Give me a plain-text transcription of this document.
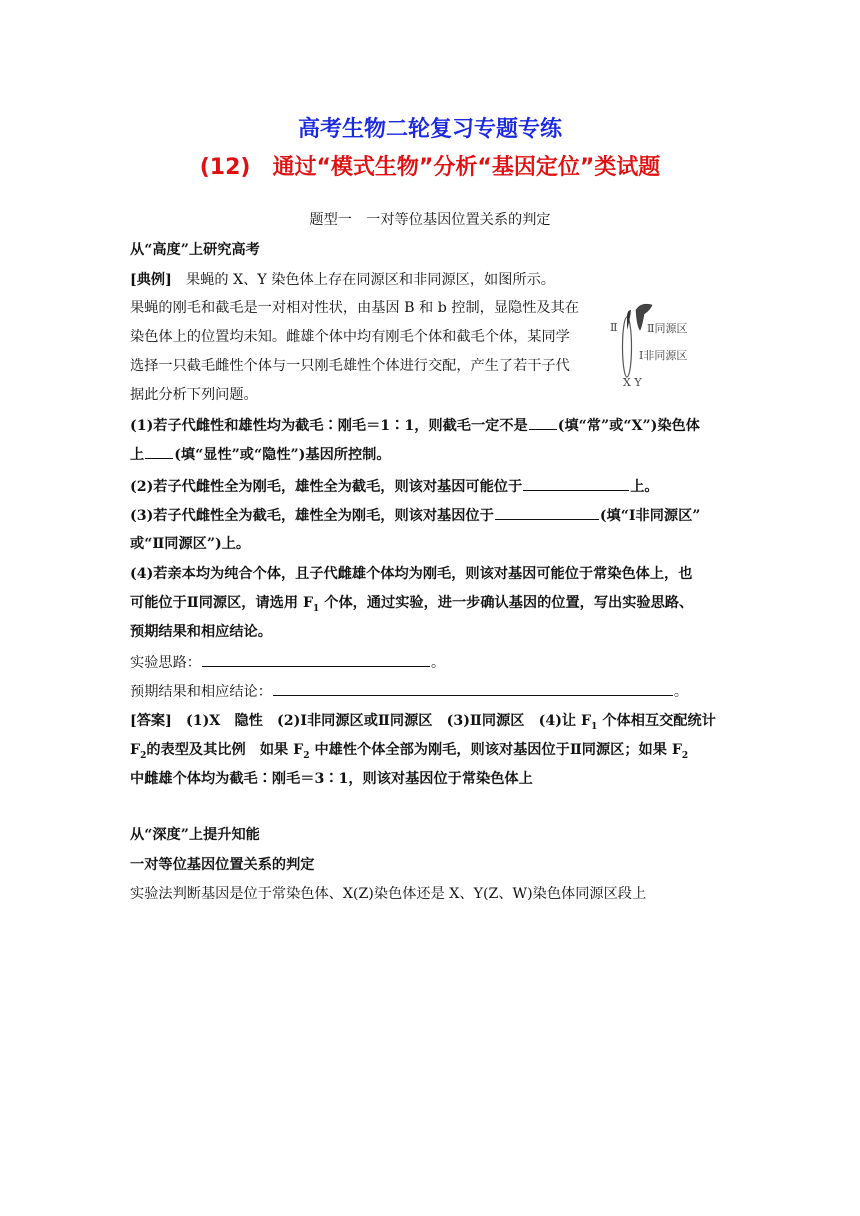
高考生物二轮复习专题专练
(12)　通过“模式生物”分析“基因定位”类试题
题型一　一对等位基因位置关系的判定
从“高度”上研究高考
[典例]　果蝇的 X、Y 染色体上存在同源区和非同源区，如图所示。
果蝇的刚毛和截毛是一对相对性状，由基因 B 和 b 控制，显隐性及其在
染色体上的位置均未知。雌雄个体中均有刚毛个体和截毛个体，某同学
选择一只截毛雌性个体与一只刚毛雄性个体进行交配，产生了若干子代
据此分析下列问题。
Ⅱ	Ⅱ同源区
Ⅰ非同源区
X Y
(1)若子代雌性和雄性均为截毛∶刚毛＝1∶1，则截毛一定不是 (填“常”或“X”)染色体
上 (填“显性”或“隐性”)基因所控制。
(2)若子代雌性全为刚毛，雄性全为截毛，则该对基因可能位于	上。
(3)若子代雌性全为截毛，雄性全为刚毛，则该对基因位于	(填“Ⅰ非同源区”
或“Ⅱ同源区”)上。
(4)若亲本均为纯合个体，且子代雌雄个体均为刚毛，则该对基因可能位于常染色体上，也
可能位于Ⅱ同源区，请选用 $F_1$ 个体，通过实验，进一步确认基因的位置，写出实验思路、
预期结果和相应结论。
实验思路：	。
预期结果和相应结论：	。
[答案]　(1)X　隐性　(2)Ⅰ非同源区或Ⅱ同源区　(3)Ⅱ同源区　(4)让 $F_1$ 个体相互交配统计
$F_2$的表型及其比例　如果 $F_2$ 中雄性个体全部为刚毛，则该对基因位于Ⅱ同源区；如果 $F_2$
中雌雄个体均为截毛∶刚毛＝3∶1，则该对基因位于常染色体上
从“深度”上提升知能
一对等位基因位置关系的判定
实验法判断基因是位于常染色体、X(Z)染色体还是 X、Y(Z、W)染色体同源区段上
